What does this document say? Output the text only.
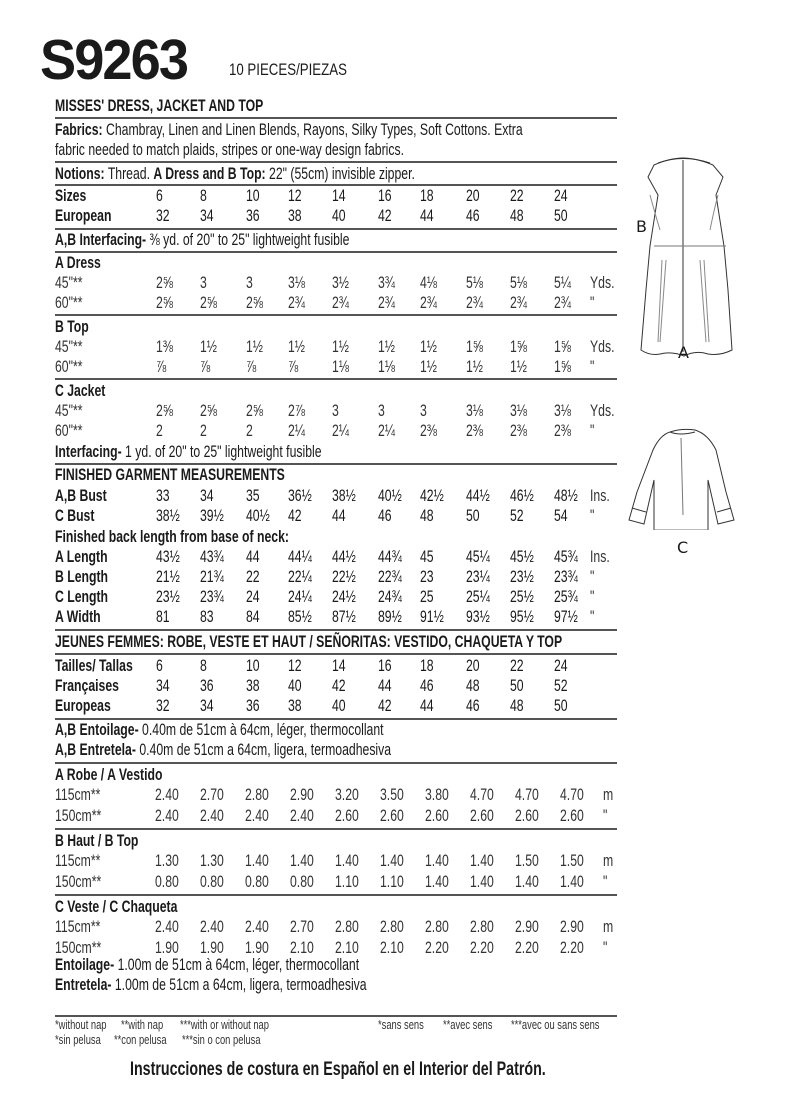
S9263 10 PIECES/PIEZAS
MISSES' DRESS, JACKET AND TOP
Fabrics: Chambray, Linen and Linen Blends, Rayons, Silky Types, Soft Cottons. Extra
fabric needed to match plaids, stripes or one-way design fabrics.
Notions: Thread. A Dress and B Top: 22" (55cm) invisible zipper.
Sizes	6 8 10 12 14 16 18 20 22 24
European	32 34 36 38 40 42 44 46 48 50
A,B Interfacing- ⅜ yd. of 20" to 25" lightweight fusible
A Dress
45"**	2⅝ 3 3 3⅛ 3½ 3¾ 4⅛ 5⅛ 5⅛ 5¼ Yds.
60"**	2⅝ 2⅝ 2⅝ 2¾ 2¾ 2¾ 2¾ 2¾ 2¾ 2¾ "
B Top
45"**	1⅜ 1½ 1½ 1½ 1½ 1½ 1½ 1⅝ 1⅝ 1⅝ Yds.
60"**	⅞ ⅞ ⅞ ⅞ 1⅛ 1⅛ 1½ 1½ 1½ 1⅝ "
C Jacket
45"**	2⅝ 2⅝ 2⅝ 2⅞ 3 3 3 3⅛ 3⅛ 3⅛ Yds.
60"**	2 2 2 2¼ 2¼ 2¼ 2⅜ 2⅜ 2⅜ 2⅜ "
Interfacing- 1 yd. of 20" to 25" lightweight fusible
FINISHED GARMENT MEASUREMENTS
A,B Bust	33 34 35 36½ 38½ 40½ 42½ 44½ 46½ 48½ Ins.
C Bust	38½ 39½ 40½ 42 44 46 48 50 52 54 "
Finished back length from base of neck:
A Length	43½ 43¾ 44 44¼ 44½ 44¾ 45 45¼ 45½ 45¾ Ins.
B Length	21½ 21¾ 22 22¼ 22½ 22¾ 23 23¼ 23½ 23¾ "
C Length	23½ 23¾ 24 24¼ 24½ 24¾ 25 25¼ 25½ 25¾ "
A Width	81 83 84 85½ 87½ 89½ 91½ 93½ 95½ 97½ "
JEUNES FEMMES: ROBE, VESTE ET HAUT / SEÑORITAS: VESTIDO, CHAQUETA Y TOP
Tailles/ Tallas 6 8 10 12 14 16 18 20 22 24
Françaises 34 36 38 40 42 44 46 48 50 52
Europeas	32 34 36 38 40 42 44 46 48 50
A,B Entoilage- 0.40m de 51cm à 64cm, léger, thermocollant
A,B Entretela- 0.40m de 51cm a 64cm, ligera, termoadhesiva
A Robe / A Vestido
115cm**	2.40 2.70 2.80 2.90 3.20 3.50 3.80 4.70 4.70 4.70 m
150cm**	2.40 2.40 2.40 2.40 2.60 2.60 2.60 2.60 2.60 2.60 "
B Haut / B Top
115cm**	1.30 1.30 1.40 1.40 1.40 1.40 1.40 1.40 1.50 1.50 m
150cm**	0.80 0.80 0.80 0.80 1.10 1.10 1.40 1.40 1.40 1.40 "
C Veste / C Chaqueta
115cm**	2.40 2.40 2.40 2.70 2.80 2.80 2.80 2.80 2.90 2.90 m
150cm**	1.90 1.90 1.90 2.10 2.10 2.10 2.20 2.20 2.20 2.20 "
Entoilage- 1.00m de 51cm à 64cm, léger, thermocollant
Entretela- 1.00m de 51cm a 64cm, ligera, termoadhesiva
*without nap **with nap ***with or without nap
*sin pelusa **con pelusa ***sin o con pelusa
*sans sens **avec sens ***avec ou sans sens
Instrucciones de costura en Español en el Interior del Patrón.
B
A
C
